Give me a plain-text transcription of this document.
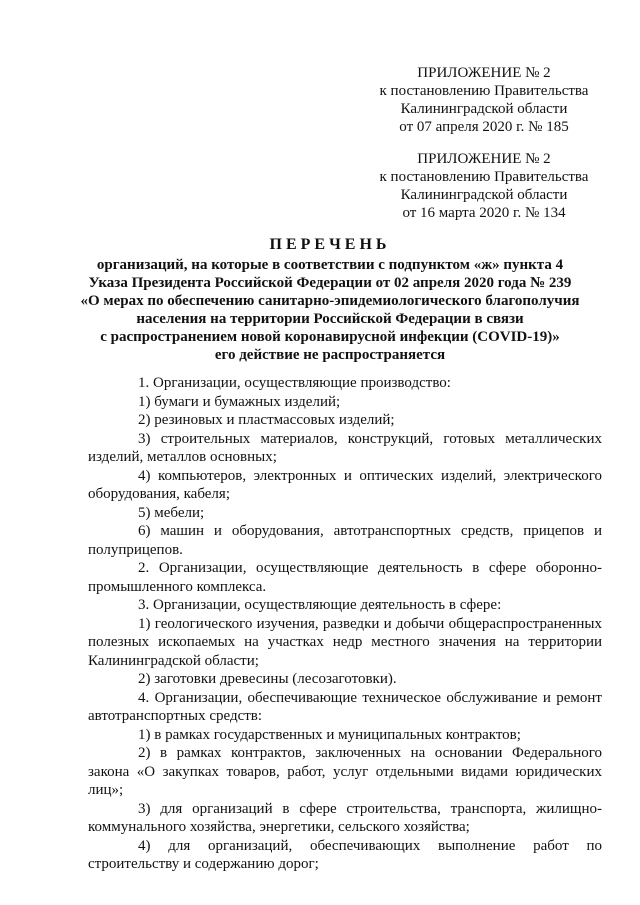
ПРИЛОЖЕНИЕ № 2
к постановлению Правительства
Калининградской области
от 07 апреля 2020 г. № 185
ПРИЛОЖЕНИЕ № 2
к постановлению Правительства
Калининградской области
от 16 марта 2020 г. № 134
ПЕРЕЧЕНЬ
организаций, на которые в соответствии с подпунктом «ж» пункта 4
Указа Президента Российской Федерации от 02 апреля 2020 года № 239
«О мерах по обеспечению санитарно-эпидемиологического благополучия
населения на территории Российской Федерации в связи
с распространением новой коронавирусной инфекции (COVID-19)»
его действие не распространяется

1. Организации, осуществляющие производство:

1) бумаги и бумажных изделий;

2) резиновых и пластмассовых изделий;

3) строительных материалов, конструкций, готовых металлических изделий, металлов основных;

4) компьютеров, электронных и оптических изделий, электрического оборудования, кабеля;

5) мебели;

6) машин и оборудования, автотранспортных средств, прицепов и полуприцепов.

2. Организации, осуществляющие деятельность в сфере оборонно-промышленного комплекса.

3. Организации, осуществляющие деятельность в сфере:

1) геологического изучения, разведки и добычи общераспространенных полезных ископаемых на участках недр местного значения на территории Калининградской области;

2) заготовки древесины (лесозаготовки).

4. Организации, обеспечивающие техническое обслуживание и ремонт автотранспортных средств:

1) в рамках государственных и муниципальных контрактов;

2) в рамках контрактов, заключенных на основании Федерального закона «О закупках товаров, работ, услуг отдельными видами юридических лиц»;

3) для организаций в сфере строительства, транспорта, жилищно-коммунального хозяйства, энергетики, сельского хозяйства;

4) для организаций, обеспечивающих выполнение работ по строительству и содержанию дорог;
